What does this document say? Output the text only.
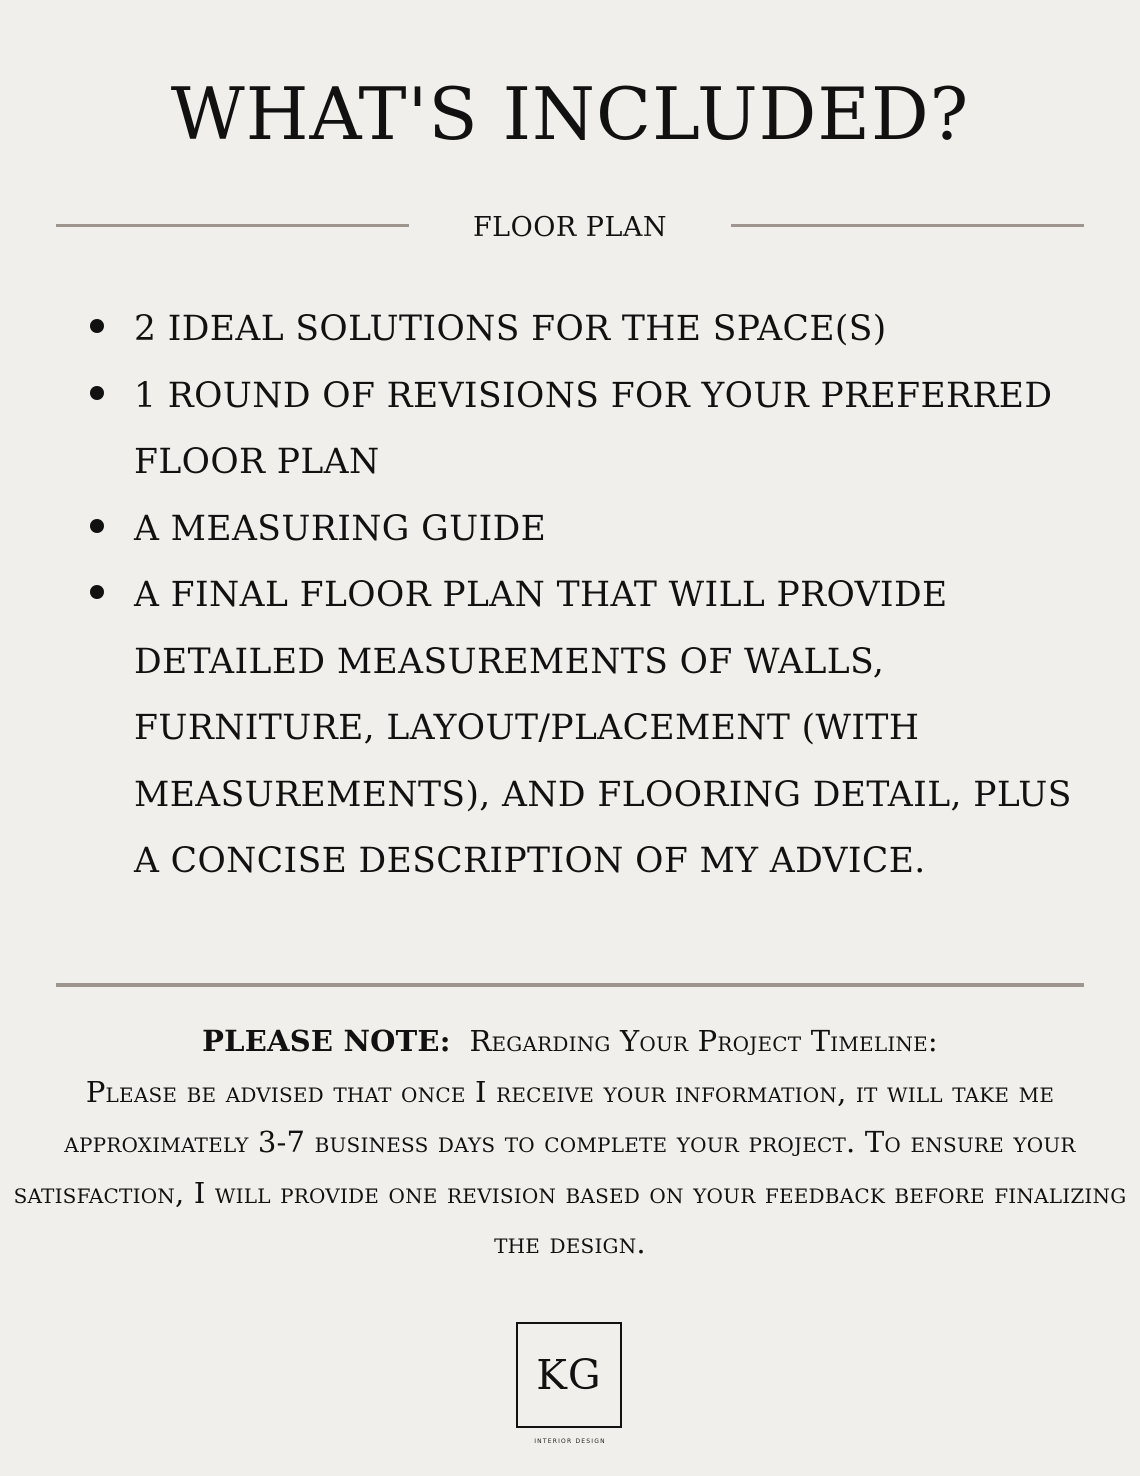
WHAT'S INCLUDED?
FLOOR PLAN
2 IDEAL SOLUTIONS FOR THE SPACE(S)
1 ROUND OF REVISIONS FOR YOUR PREFERRED FLOOR PLAN
A MEASURING GUIDE
A FINAL FLOOR PLAN THAT WILL PROVIDE DETAILED MEASUREMENTS OF WALLS, FURNITURE, LAYOUT/PLACEMENT (WITH MEASUREMENTS), AND FLOORING DETAIL, PLUS A CONCISE DESCRIPTION OF MY ADVICE.
PLEASE NOTE: Regarding Your Project Timeline:
Please be advised that once I receive your information, it will take me approximately 3-7 business days to complete your project. To ensure your satisfaction, I will provide one revision based on your feedback before finalizing the design.
KG
INTERIOR DESIGN
